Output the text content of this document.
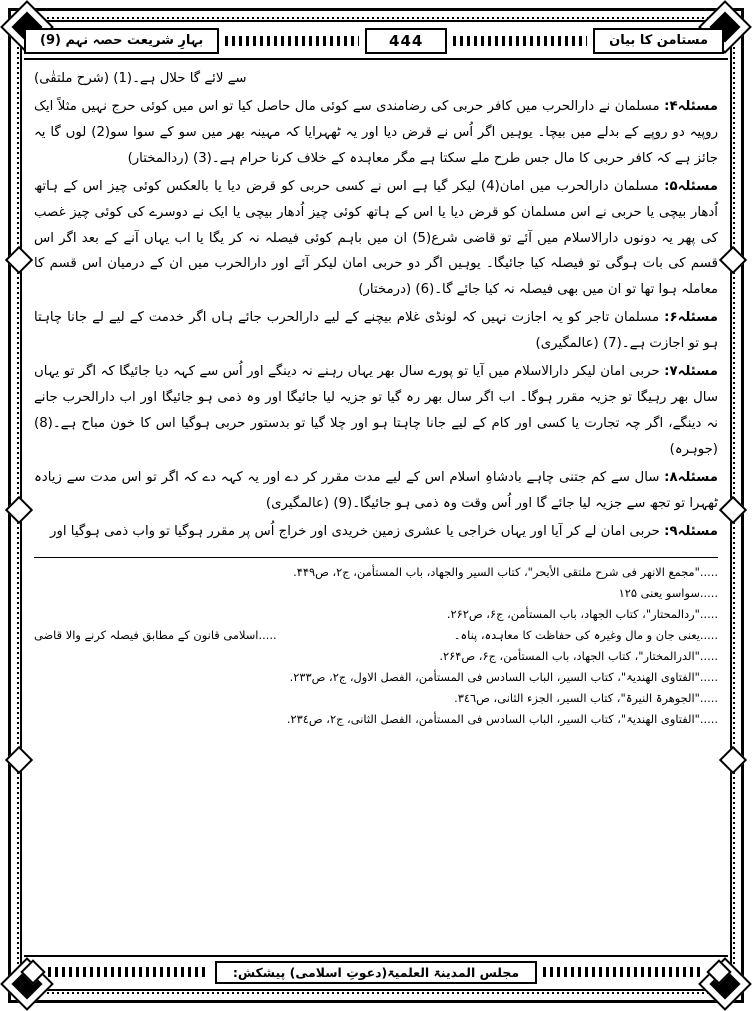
مستامن کا بیان
444
بہارِ شریعت حصہ نہم (9)

سے لائے گا حلال ہے۔(1) (شرح ملتقٰی)

مسئلہ۴: مسلمان نے دارالحرب میں کافر حربی کی رضامندی سے کوئی مال حاصل کیا تو اس میں کوئی حرج نہیں مثلاً ایک روپیہ دو روپے کے بدلے میں بیچا۔ یوہیں اگر اُس نے قرض دیا اور یہ ٹھہرایا کہ مہینہ بھر میں سو کے سوا سو(2) لوں گا یہ جائز ہے کہ کافر حربی کا مال جس طرح ملے سکتا ہے مگر معاہدہ کے خلاف کرنا حرام ہے۔(3) (ردالمختار)

مسئلہ۵: مسلمان دارالحرب میں امان(4) لیکر گیا ہے اس نے کسی حربی کو قرض دیا یا بالعکس کوئی چیز اس کے ہاتھ اُدھار بیچی یا حربی نے اس مسلمان کو قرض دیا یا اس کے ہاتھ کوئی چیز اُدھار بیچی یا ایک نے دوسرے کی کوئی چیز غصب کی پھر یہ دونوں دارالاسلام میں آئے تو قاضی شرع(5) ان میں باہم کوئی فیصلہ نہ کر یگا یا اب یہاں آنے کے بعد اگر اس قسم کی بات ہوگی تو فیصلہ کیا جائیگا۔ یوہیں اگر دو حربی امان لیکر آئے اور دارالحرب میں ان کے درمیان اس قسم کا معاملہ ہوا تھا تو ان میں بھی فیصلہ نہ کیا جائے گا۔(6) (درمختار)

مسئلہ۶: مسلمان تاجر کو یہ اجازت نہیں کہ لونڈی غلام بیچنے کے لیے دارالحرب جائے ہاں اگر خدمت کے لیے لے جانا چاہتا ہو تو اجازت ہے۔(7) (عالمگیری)

مسئلہ۷: حربی امان لیکر دارالاسلام میں آیا تو پورے سال بھر یہاں رہنے نہ دینگے اور اُس سے کہہ دیا جائیگا کہ اگر تو یہاں سال بھر رہیگا تو جزیہ مقرر ہوگا۔ اب اگر سال بھر رہ گیا تو جزیہ لیا جائیگا اور وہ ذمی ہو جائیگا اور اب دارالحرب جانے نہ دینگے، اگر چہ تجارت یا کسی اور کام کے لیے جانا چاہتا ہو اور چلا گیا تو بدستور حربی ہوگیا اس کا خون مباح ہے۔(8) (جوہرہ)

مسئلہ۸: سال سے کم جتنی چاہے بادشاہِ اسلام اس کے لیے مدت مقرر کر دے اور یہ کہہ دے کہ اگر تو اس مدت سے زیادہ ٹھہرا تو تجھ سے جزیہ لیا جائے گا اور اُس وقت وہ ذمی ہو جائیگا۔(9) (عالمگیری)

مسئلہ۹: حربی امان لے کر آیا اور یہاں خراجی یا عشری زمین خریدی اور خراج اُس پر مقرر ہوگیا تو واب ذمی ہوگیا اور

....."مجمع الانھر فی شرح ملتقی الأبحر"، کتاب السیر والجھاد، باب المستأمن، ج۲، ص۴۴۹.

.....سواسو یعنی ۱۲۵

....."ردالمحتار"، کتاب الجھاد، باب المستأمن، ج۶، ص۲۶۲.

.....یعنی جان و مال وغیرہ کی حفاظت کا معاہدہ، پناہ۔
.....اسلامی قانون کے مطابق فیصلہ کرنے والا قاضی

....."الدرالمختار"، کتاب الجھاد، باب المستأمن، ج۶، ص۲۶۴.

....."الفتاوی الھندیۃ"، کتاب السیر، الباب السادس فی المستأمن، الفصل الاول، ج۲، ص۲۳۳.

....."الجوھرۃ النیرۃ"، کتاب السیر، الجزء الثانی، ص۳٤٦.

....."الفتاوی الھندیۃ"، کتاب السیر، الباب السادس فی المستأمن، الفصل الثانی، ج۲، ص۲۳٤.

مجلس المدینۃ العلمیۃ(دعوتِ اسلامی) پیشکش:
